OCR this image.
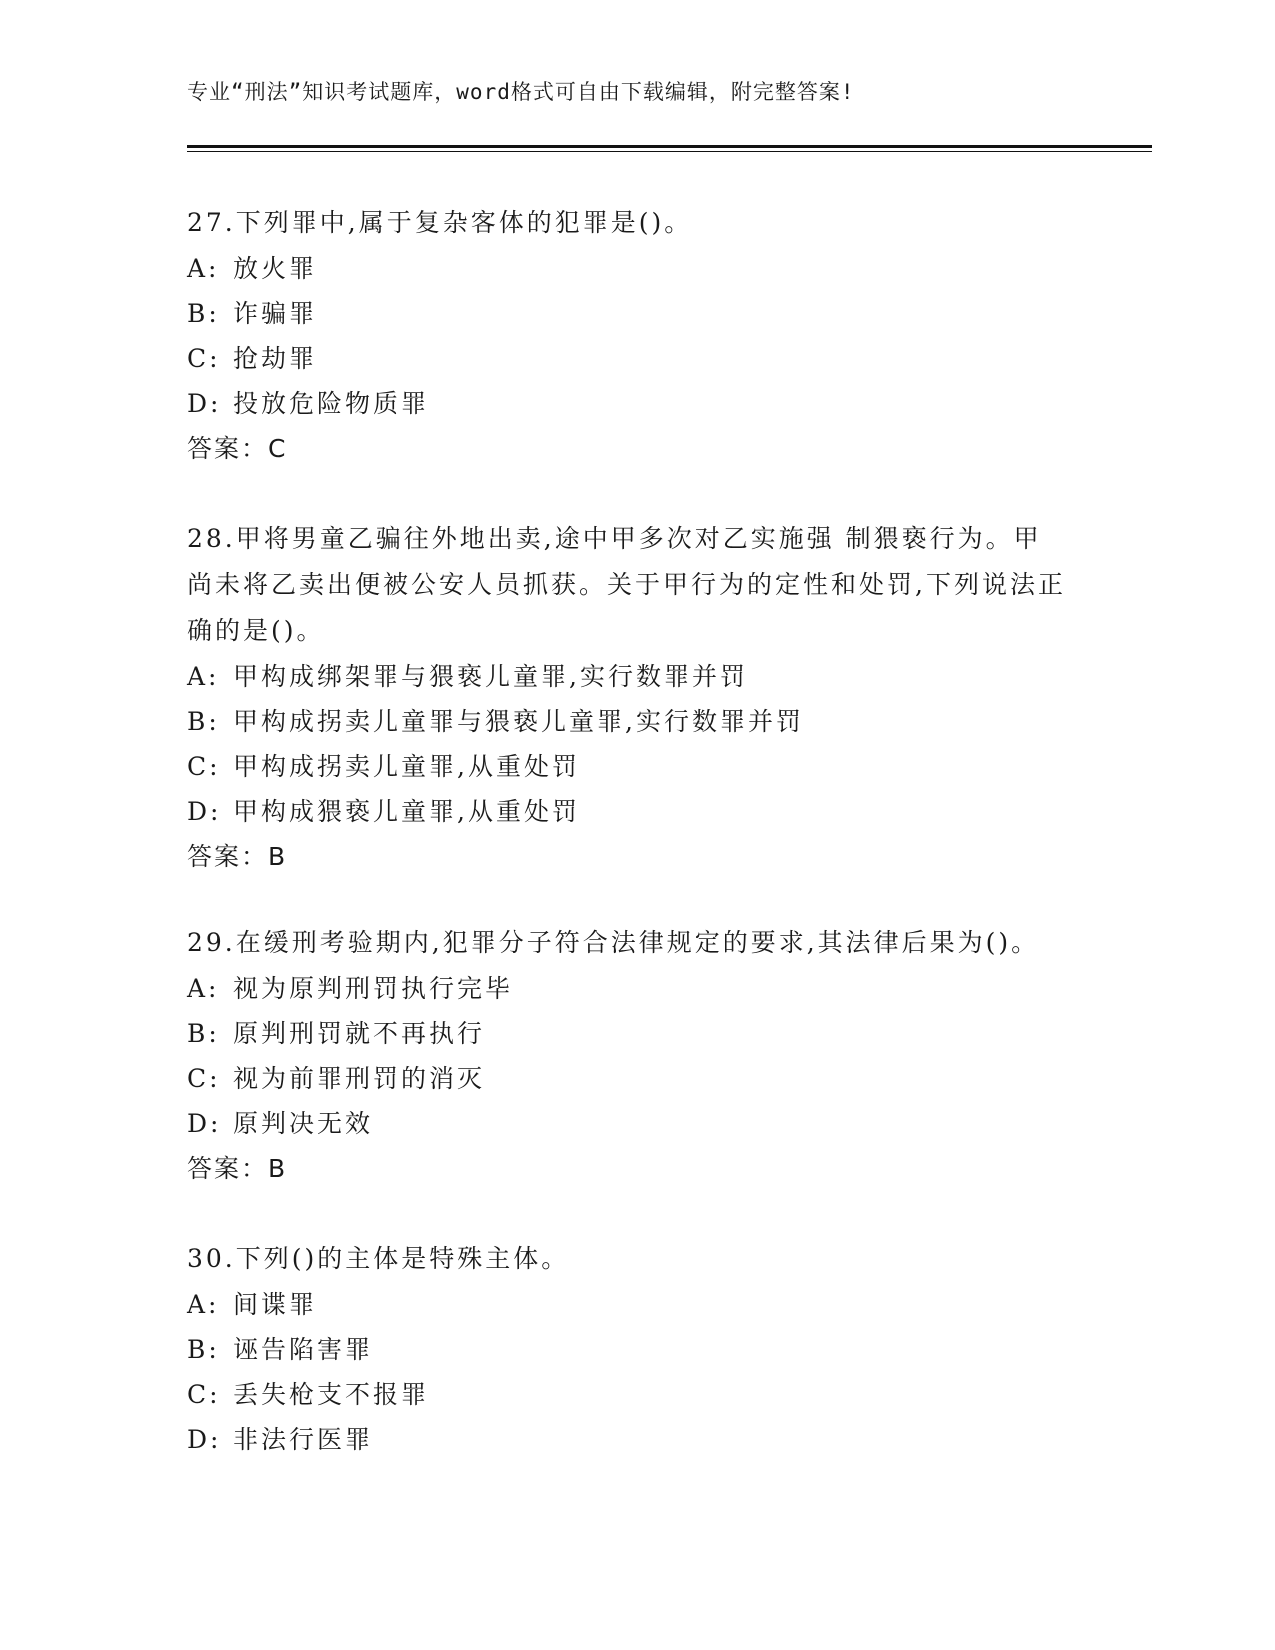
专业“刑法”知识考试题库，word格式可自由下载编辑，附完整答案!

27.下列罪中,属于复杂客体的犯罪是()。

A: 放火罪
B: 诈骗罪
C: 抢劫罪
D: 投放危险物质罪
答案：C

28.甲将男童乙骗往外地出卖,途中甲多次对乙实施强 制猥亵行为。甲尚未将乙卖出便被公安人员抓获。关于甲行为的定性和处罚,下列说法正确的是()。

A: 甲构成绑架罪与猥亵儿童罪,实行数罪并罚
B: 甲构成拐卖儿童罪与猥亵儿童罪,实行数罪并罚
C: 甲构成拐卖儿童罪,从重处罚
D: 甲构成猥亵儿童罪,从重处罚
答案：B

29.在缓刑考验期内,犯罪分子符合法律规定的要求,其法律后果为()。

A: 视为原判刑罚执行完毕
B: 原判刑罚就不再执行
C: 视为前罪刑罚的消灭
D: 原判决无效
答案：B

30.下列()的主体是特殊主体。

A: 间谍罪
B: 诬告陷害罪
C: 丢失枪支不报罪
D: 非法行医罪
